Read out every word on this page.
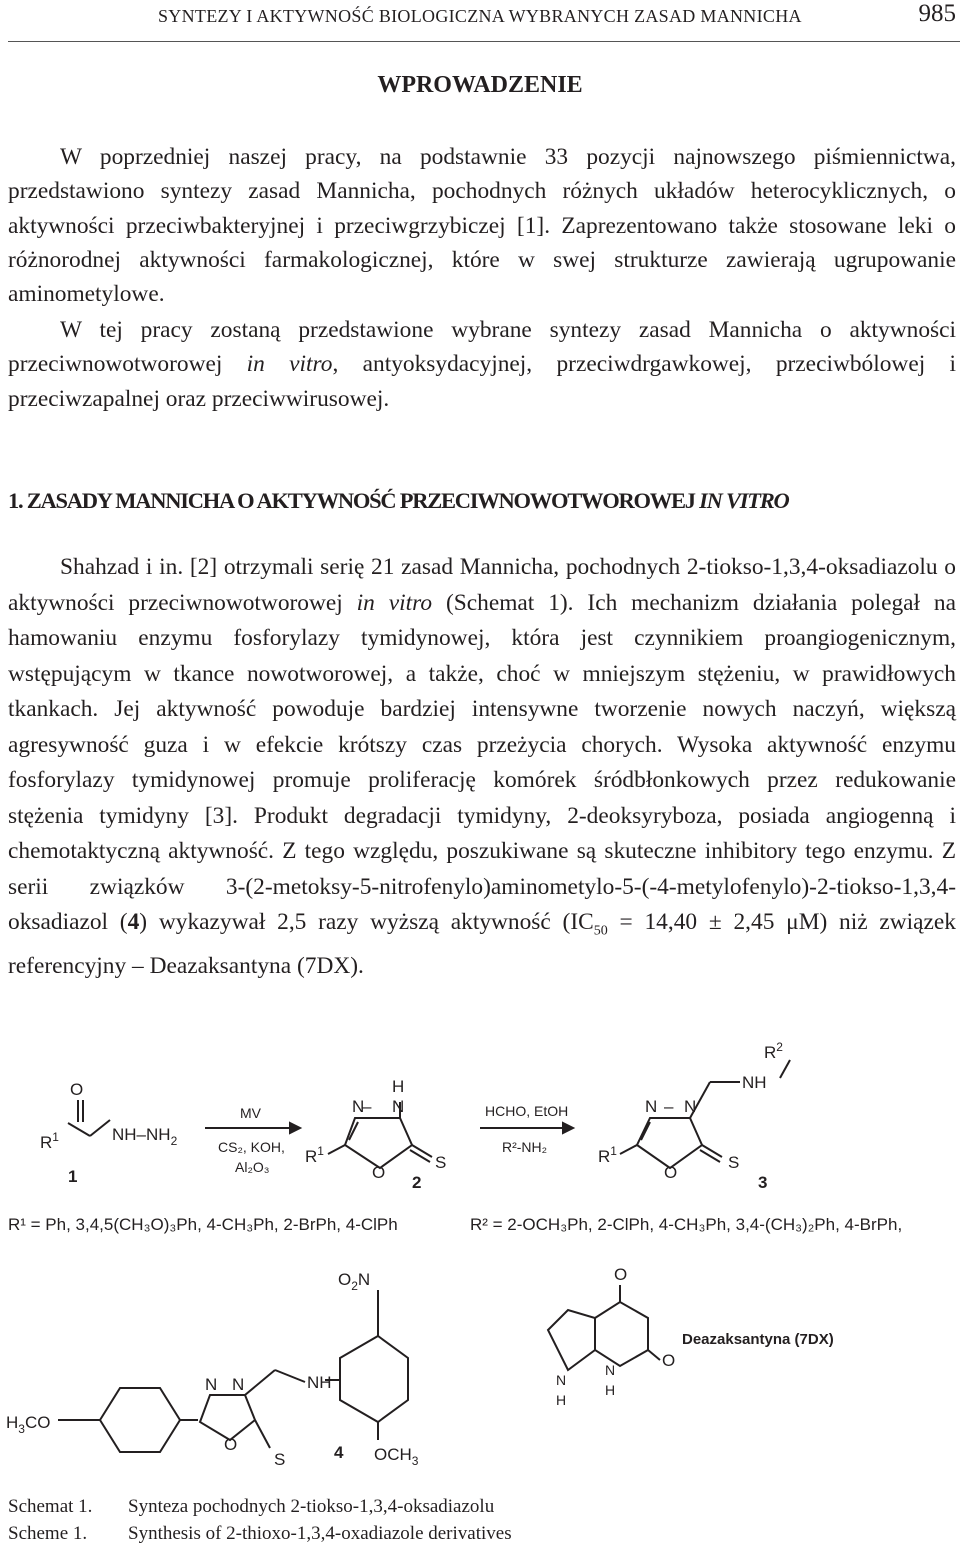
SYNTEZY I AKTYWNOŚĆ BIOLOGICZNA WYBRANYCH ZASAD MANNICHA	985
WPROWADZENIE

W poprzedniej naszej pracy, na podstawnie 33 pozycji najnowszego piśmiennictwa, przedstawiono syntezy zasad Mannicha, pochodnych różnych układów heterocyklicznych, o aktywności przeciwbakteryjnej i przeciwgrzybiczej [1]. Zaprezentowano także stosowane leki o różnorodnej aktywności farmakologicznej, które w swej strukturze zawierają ugrupowanie aminometylowe.

W tej pracy zostaną przedstawione wybrane syntezy zasad Mannicha o aktywności przeciwnowotworowej in vitro, antyoksydacyjnej, przeciwdrgawkowej, przeciwbólowej i przeciwzapalnej oraz przeciwwirusowej.

1. ZASADY MANNICHA O AKTYWNOŚĆ PRZECIWNOWOTWOROWEJ IN VITRO

Shahzad i in. [2] otrzymali serię 21 zasad Mannicha, pochodnych 2-tiokso-1,3,4-oksadiazolu o aktywności przeciwnowotworowej in vitro (Schemat 1). Ich mechanizm działania polegał na hamowaniu enzymu fosforylazy tymidynowej, która jest czynnikiem proangiogenicznym, wstępującym w tkance nowotworowej, a także, choć w mniejszym stężeniu, w prawidłowych tkankach. Jej aktywność powoduje bardziej intensywne tworzenie nowych naczyń, większą agresywność guza i w efekcie krótszy czas przeżycia chorych. Wysoka aktywność enzymu fosforylazy tymidynowej promuje proliferację komórek śródbłonkowych przez redukowanie stężenia tymidyny [3]. Produkt degradacji tymidyny, 2-deoksyryboza, posiada angiogenną i chemotaktyczną aktywność. Z tego względu, poszukiwane są skuteczne inhibitory tego enzymu. Z serii związków 3-(2-metoksy-5-nitrofenylo)aminometylo-5-(-4-metylofenylo)-2-tiokso-1,3,4-oksadiazol (4) wykazywał 2,5 razy wyższą aktywność ($IC_{50} = 14,40 \pm 2,45$ μM) niż związek referencyjny – Deazaksantyna (7DX).

O
$R^1$	$NH-NH_2$
1
MV
CS₂, KOH,
Al₂O₃
H
N
– N
$R^1$
O
S
2
HCHO, EtOH
R²-NH₂
$R^2$
NH
N – N
$R^1$
O
S
3
R¹ = Ph, 3,4,5(CH₃O)₃Ph, 4-CH₃Ph, 2-BrPh, 4-ClPh	R² = 2-OCH₃Ph, 2-ClPh, 4-CH₃Ph, 3,4-(CH₃)₂Ph, 4-BrPh,
$O_2N$
$H_3CO$
N N
O
S
NH
$OCH_3$
4
O
N
H
N
H
O
Deazaksantyna (7DX)
Schemat 1. Synteza pochodnych 2-tiokso-1,3,4-oksadiazolu
Scheme 1. Synthesis of 2-thioxo-1,3,4-oxadiazole derivatives
